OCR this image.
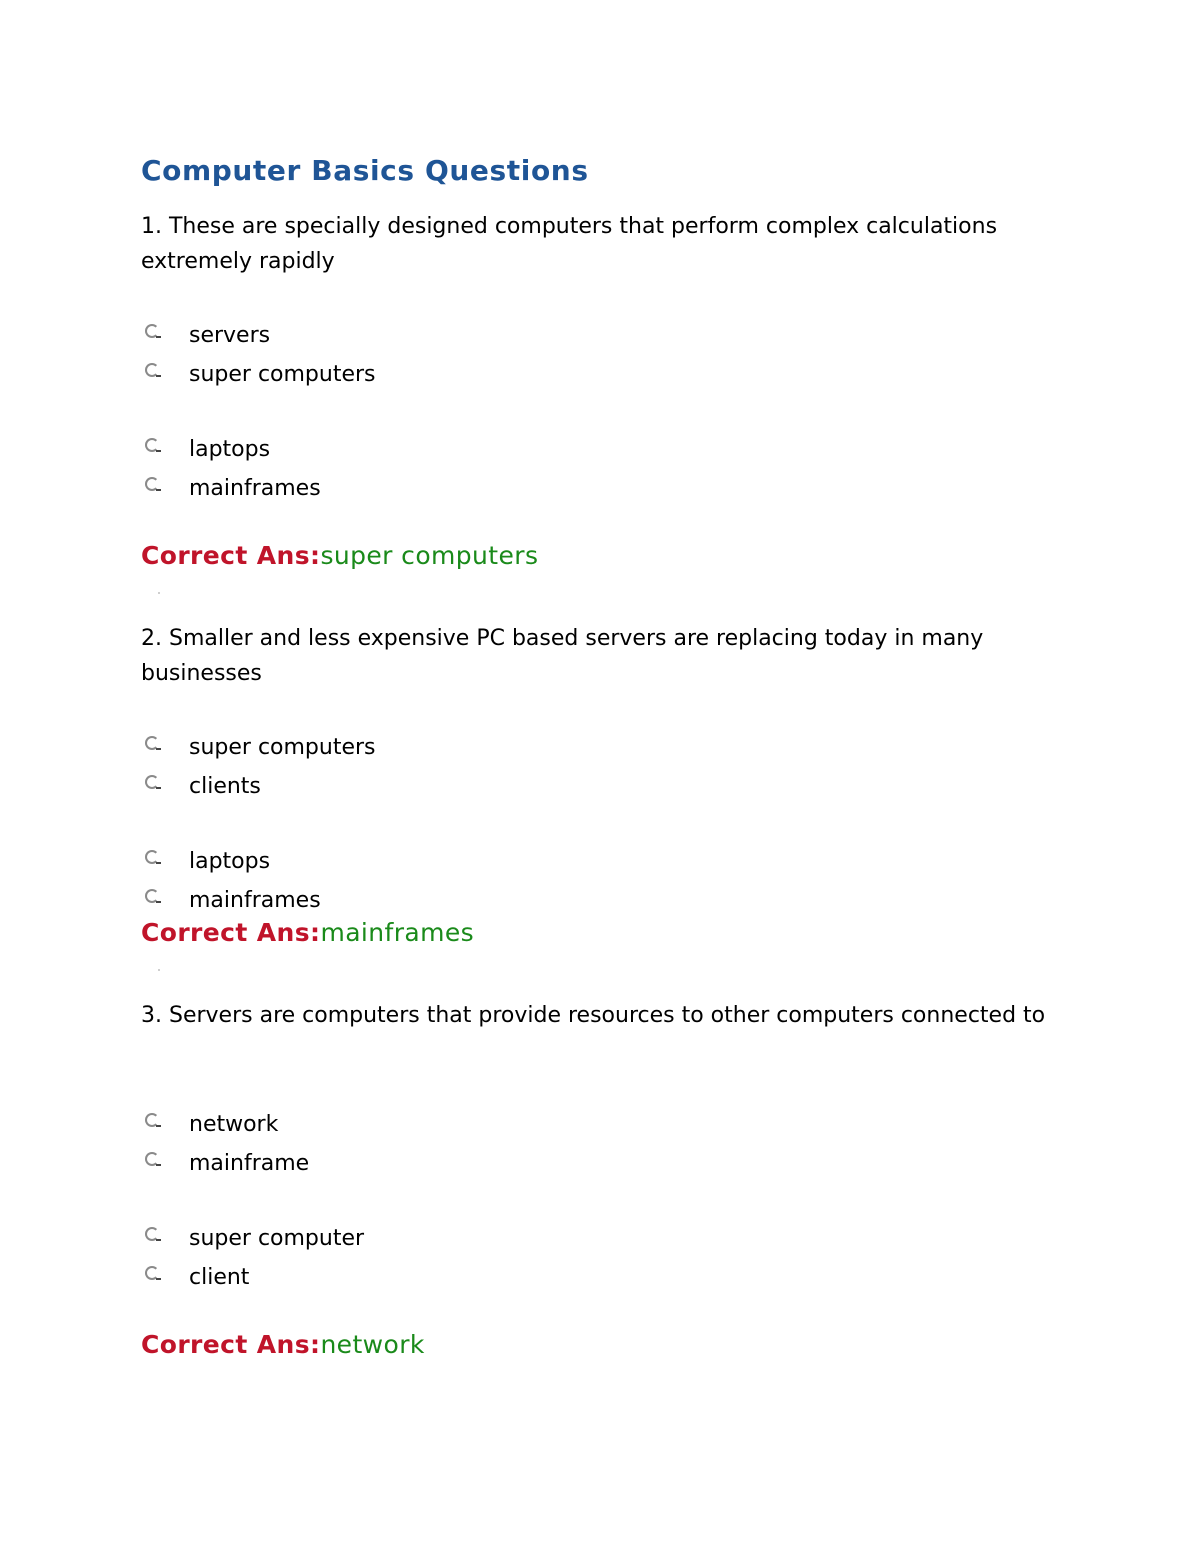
Computer Basics Questions
1. These are specially designed computers that perform complex calculations extremely rapidly
servers
super computers
laptops
mainframes
Correct Ans:super computers
2. Smaller and less expensive PC based servers are replacing today in many businesses
super computers
clients
laptops
mainframes
Correct Ans:mainframes
3. Servers are computers that provide resources to other computers connected to
network
mainframe
super computer
client
Correct Ans:network
